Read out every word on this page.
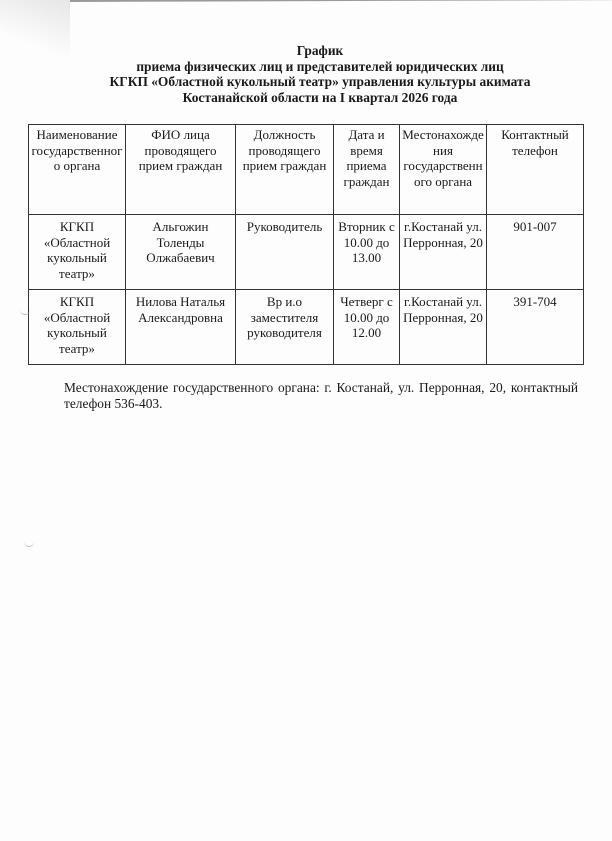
График
приема физических лиц и представителей юридических лиц
КГКП «Областной кукольный театр» управления культуры акимата
Костанайской области на I квартал 2026 года
Наименование государственного органа	ФИО лица проводящего прием граждан	Должность проводящего прием граждан	Дата и время приема граждан	Местонахождения государственного органа	Контактный телефон
КГКП «Областной кукольный театр»	Альгожин Толенды Олжабаевич	Руководитель	Вторник с 10.00 до 13.00	г.Костанай ул. Перронная, 20	901-007
КГКП «Областной кукольный театр»	Нилова Наталья Александровна	Вр и.о заместителя руководителя	Четверг с 10.00 до 12.00	г.Костанай ул. Перронная, 20	391-704
Местонахождение государственного органа: г. Костанай, ул. Перронная, 20, контактный телефон 536-403.
